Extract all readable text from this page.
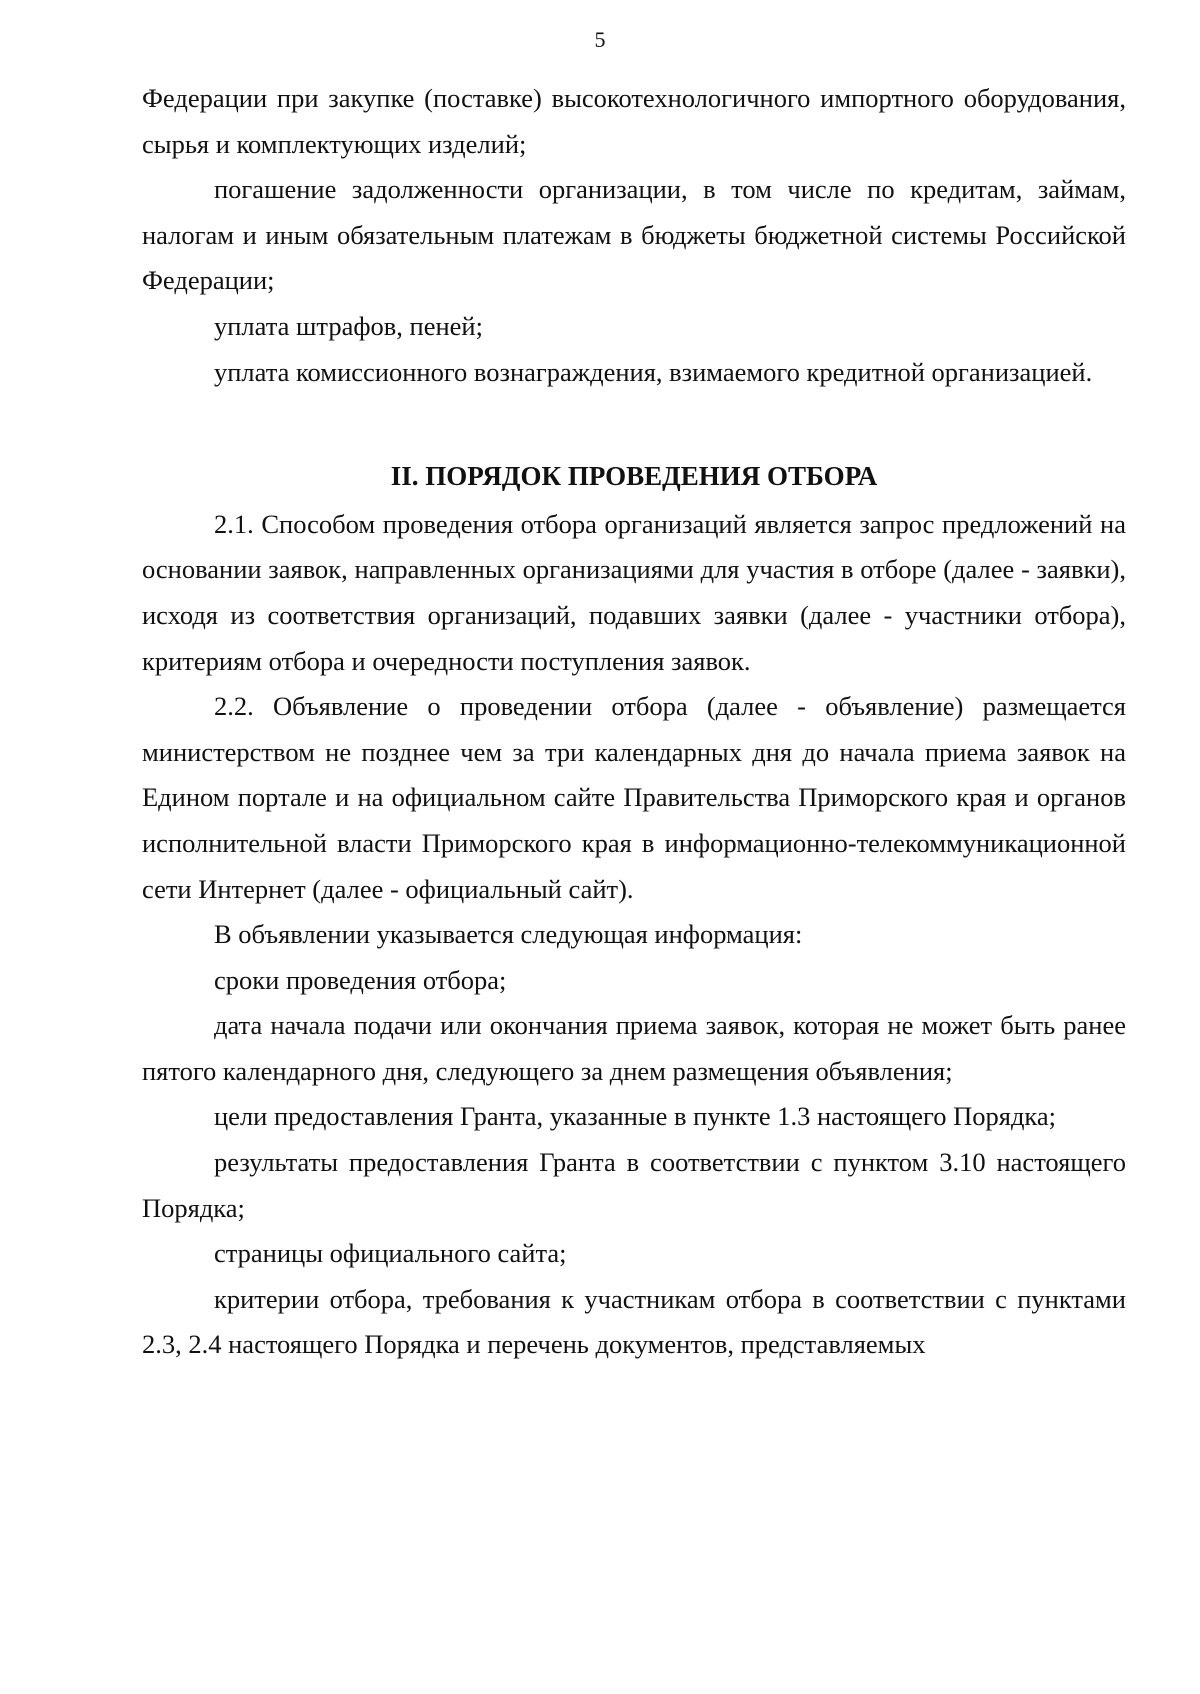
5

Федерации при закупке (поставке) высокотехнологичного импортного оборудования, сырья и комплектующих изделий;

погашение задолженности организации, в том числе по кредитам, займам, налогам и иным обязательным платежам в бюджеты бюджетной системы Российской Федерации;

уплата штрафов, пеней;

уплата комиссионного вознаграждения, взимаемого кредитной организацией.

II. ПОРЯДОК ПРОВЕДЕНИЯ ОТБОРА

2.1. Способом проведения отбора организаций является запрос предложений на основании заявок, направленных организациями для участия в отборе (далее - заявки), исходя из соответствия организаций, подавших заявки (далее - участники отбора), критериям отбора и очередности поступления заявок.

2.2. Объявление о проведении отбора (далее - объявление) размещается министерством не позднее чем за три календарных дня до начала приема заявок на Едином портале и на официальном сайте Правительства Приморского края и органов исполнительной власти Приморского края в информационно-телекоммуникационной сети Интернет (далее - официальный сайт).

В объявлении указывается следующая информация:

сроки проведения отбора;

дата начала подачи или окончания приема заявок, которая не может быть ранее пятого календарного дня, следующего за днем размещения объявления;

цели предоставления Гранта, указанные в пункте 1.3 настоящего Порядка;

результаты предоставления Гранта в соответствии с пунктом 3.10 настоящего Порядка;

страницы официального сайта;

критерии отбора, требования к участникам отбора в соответствии с пунктами 2.3, 2.4 настоящего Порядка и перечень документов, представляемых
